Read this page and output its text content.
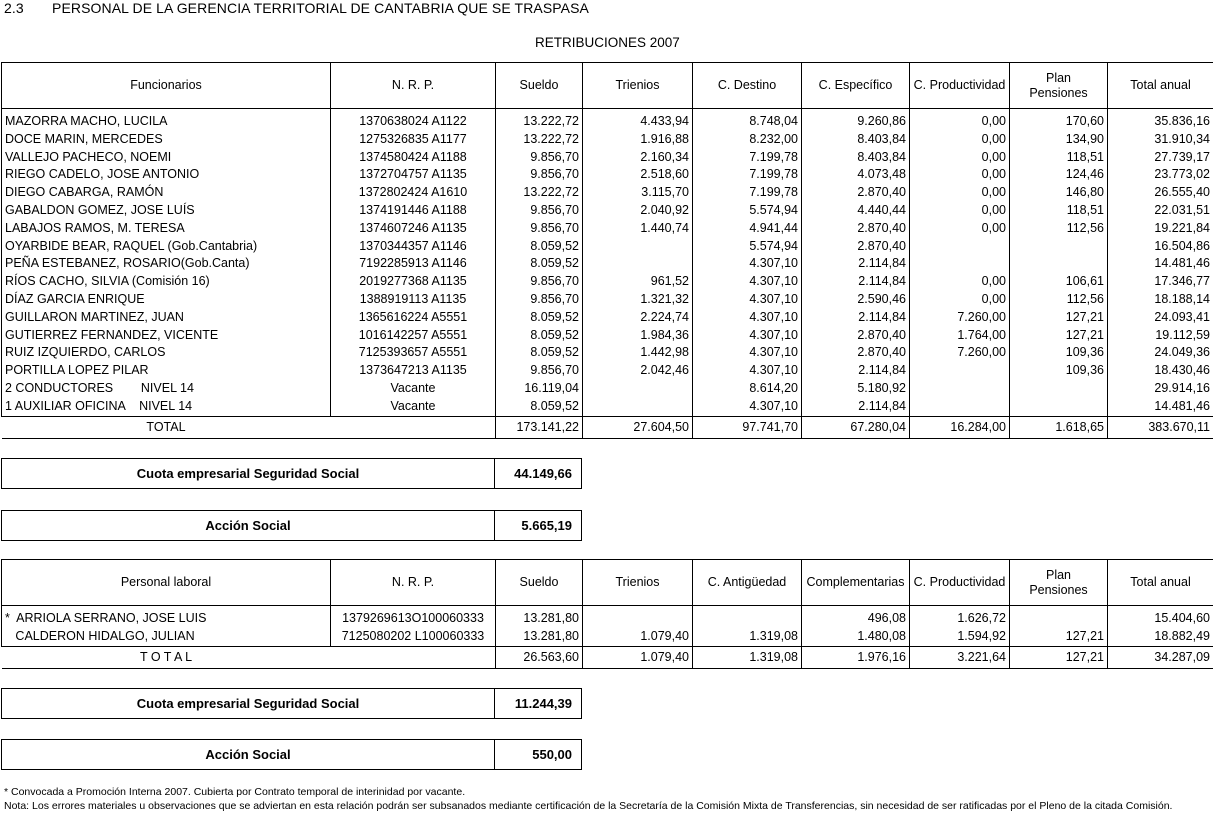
2.3 PERSONAL DE LA GERENCIA TERRITORIAL DE CANTABRIA QUE SE TRASPASA
RETRIBUCIONES 2007
Funcionarios	N. R. P.	Sueldo	Trienios	C. Destino	C. Específico	C. Productividad	Plan Pensiones	Total anual

MAZORRA MACHO, LUCILA	1370638024 A1122	13.222,72	4.433,94	8.748,04	9.260,86	0,00	170,60	35.836,16
DOCE MARIN, MERCEDES	1275326835 A1177	13.222,72	1.916,88	8.232,00	8.403,84	0,00	134,90	31.910,34
VALLEJO PACHECO, NOEMI	1374580424 A1188	9.856,70	2.160,34	7.199,78	8.403,84	0,00	118,51	27.739,17
RIEGO CADELO, JOSE ANTONIO	1372704757 A1135	9.856,70	2.518,60	7.199,78	4.073,48	0,00	124,46	23.773,02
DIEGO CABARGA, RAMÓN	1372802424 A1610	13.222,72	3.115,70	7.199,78	2.870,40	0,00	146,80	26.555,40
GABALDON GOMEZ, JOSE LUÍS	1374191446 A1188	9.856,70	2.040,92	5.574,94	4.440,44	0,00	118,51	22.031,51
LABAJOS RAMOS, M. TERESA	1374607246 A1135	9.856,70	1.440,74	4.941,44	2.870,40	0,00	112,56	19.221,84
OYARBIDE BEAR, RAQUEL (Gob.Cantabria)	1370344357 A1146	8.059,52		5.574,94	2.870,40			16.504,86
PEÑA ESTEBANEZ, ROSARIO(Gob.Canta)	7192285913 A1146	8.059,52		4.307,10	2.114,84			14.481,46
RÍOS CACHO, SILVIA (Comisión 16)	2019277368 A1135	9.856,70	961,52	4.307,10	2.114,84	0,00	106,61	17.346,77
DÍAZ GARCIA ENRIQUE	1388919113 A1135	9.856,70	1.321,32	4.307,10	2.590,46	0,00	112,56	18.188,14
GUILLARON MARTINEZ, JUAN	1365616224 A5551	8.059,52	2.224,74	4.307,10	2.114,84	7.260,00	127,21	24.093,41
GUTIERREZ FERNANDEZ, VICENTE	1016142257 A5551	8.059,52	1.984,36	4.307,10	2.870,40	1.764,00	127,21	19.112,59
RUIZ IZQUIERDO, CARLOS	7125393657 A5551	8.059,52	1.442,98	4.307,10	2.870,40	7.260,00	109,36	24.049,36
PORTILLA LOPEZ PILAR	1373647213 A1135	9.856,70	2.042,46	4.307,10	2.114,84		109,36	18.430,46
2 CONDUCTORES        NIVEL 14	Vacante	16.119,04		8.614,20	5.180,92			29.914,16
1 AUXILIAR OFICINA    NIVEL 14	Vacante	8.059,52		4.307,10	2.114,84			14.481,46
TOTAL		173.141,22	27.604,50	97.741,70	67.280,04	16.284,00	1.618,65	383.670,11
Cuota empresarial Seguridad Social	44.149,66
Acción Social	5.665,19
Personal laboral	N. R. P.	Sueldo	Trienios	C. Antigüedad	Complementarias	C. Productividad	Plan Pensiones	Total anual

*  ARRIOLA SERRANO, JOSE LUIS	1379269613O100060333	13.281,80			496,08	1.626,72		15.404,60
CALDERON HIDALGO, JULIAN	7125080202 L100060333	13.281,80	1.079,40	1.319,08	1.480,08	1.594,92	127,21	18.882,49
T O T A L		26.563,60	1.079,40	1.319,08	1.976,16	3.221,64	127,21	34.287,09
Cuota empresarial Seguridad Social	11.244,39
Acción Social	550,00
* Convocada a Promoción Interna 2007. Cubierta por Contrato temporal de interinidad por vacante.
Nota: Los errores materiales u observaciones que se adviertan en esta relación podrán ser subsanados mediante certificación de la Secretaría de la Comisión Mixta de Transferencias, sin necesidad de ser ratificadas por el Pleno de la citada Comisión.
